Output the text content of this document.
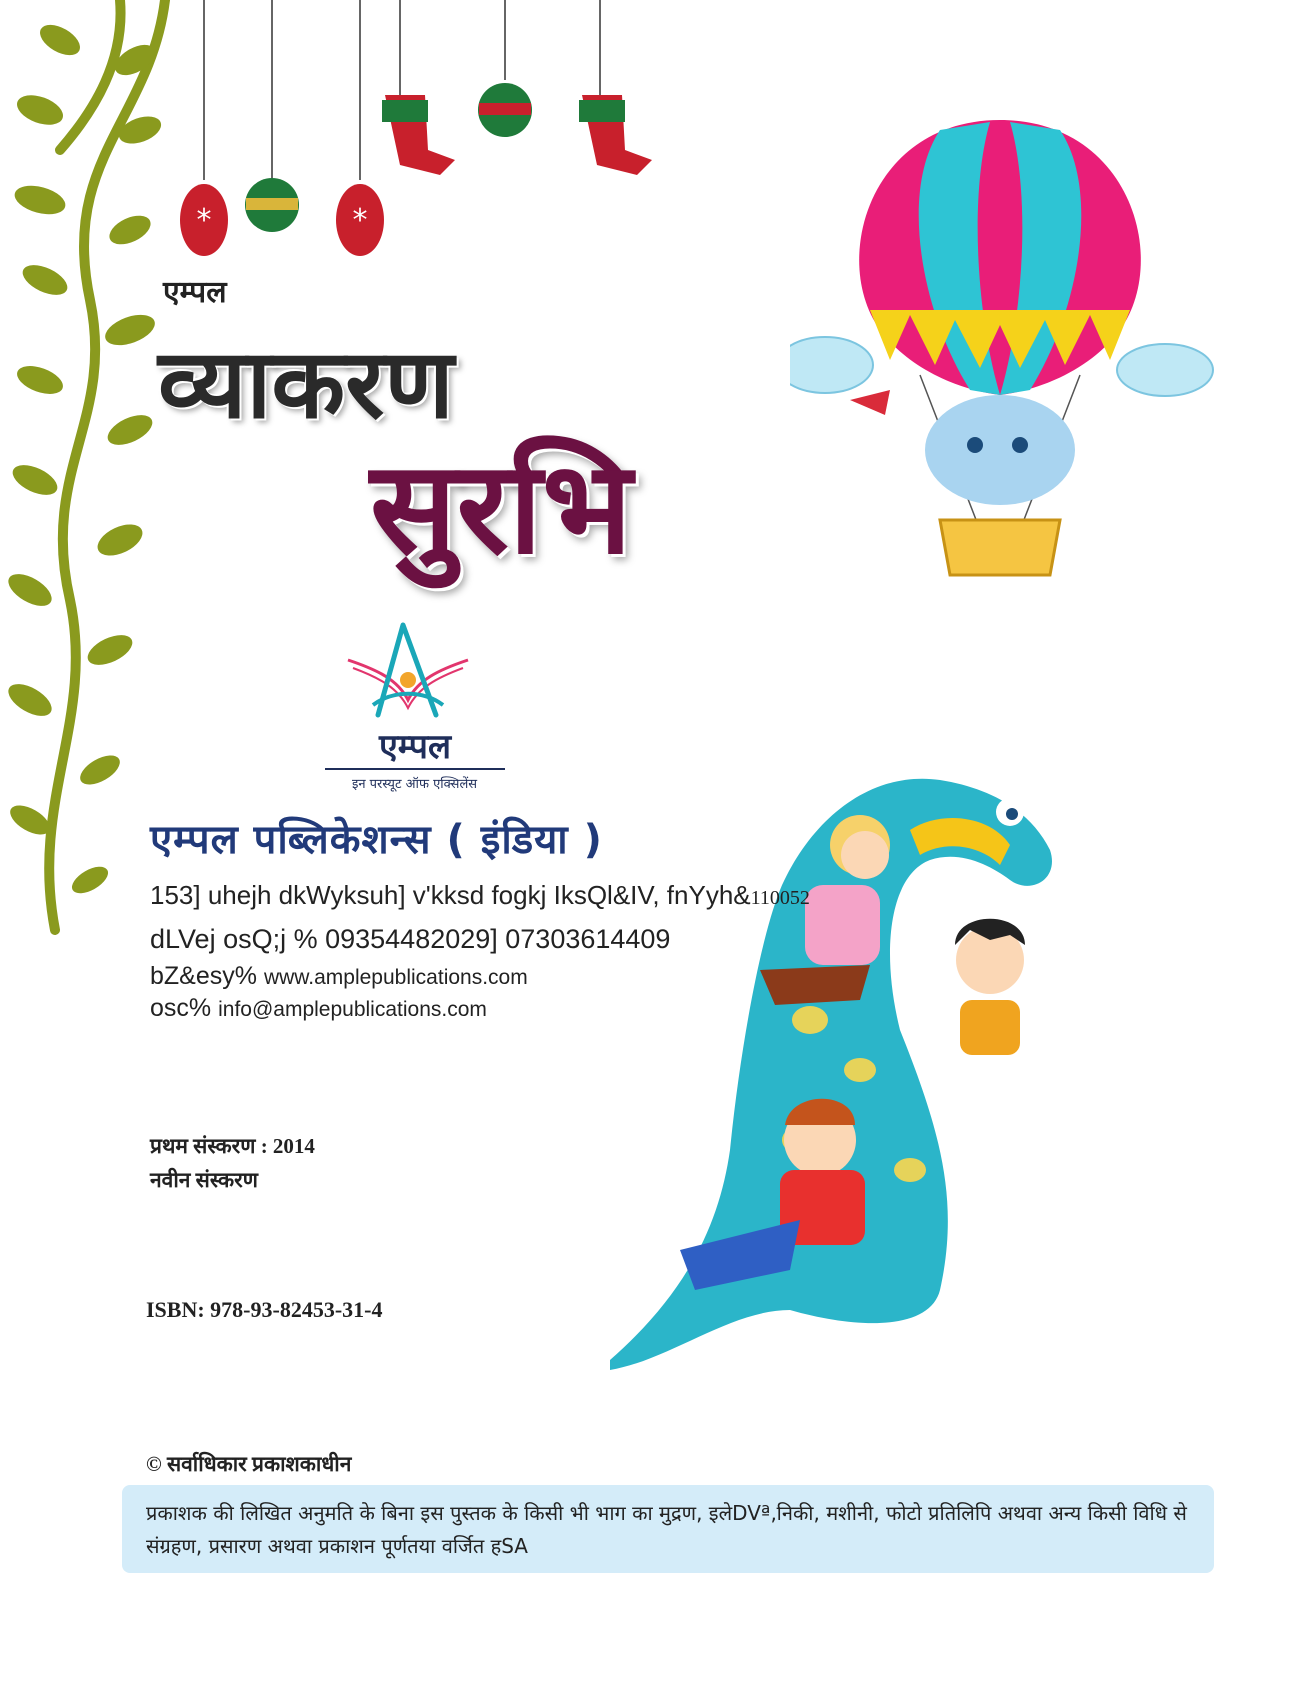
*	*
एम्पल
व्याकरण
सुरभि
एम्पल
इन परस्यूट ऑफ एक्सिलेंस
एम्पल पब्लिकेशन्स ( इंडिया )
153] uhejh dkWyksuh] v'kksd fogkj IksQl&IV, fnYyh&110052
dLVej osQ;j % 09354482029] 07303614409
bZ&esy% www.amplepublications.com
osc% info@amplepublications.com
प्रथम संस्करण : 2014
नवीन संस्करण
ISBN: 978-93-82453-31-4
© सर्वाधिकार प्रकाशकाधीन
प्रकाशक की लिखित अनुमति के बिना इस पुस्तक के किसी भी भाग का मुद्रण, इलेDVª‚निकी, मशीनी, फोटो प्रतिलिपि अथवा अन्य किसी विधि से संग्रहण, प्रसारण अथवा प्रकाशन पूर्णतया वर्जित हSA
